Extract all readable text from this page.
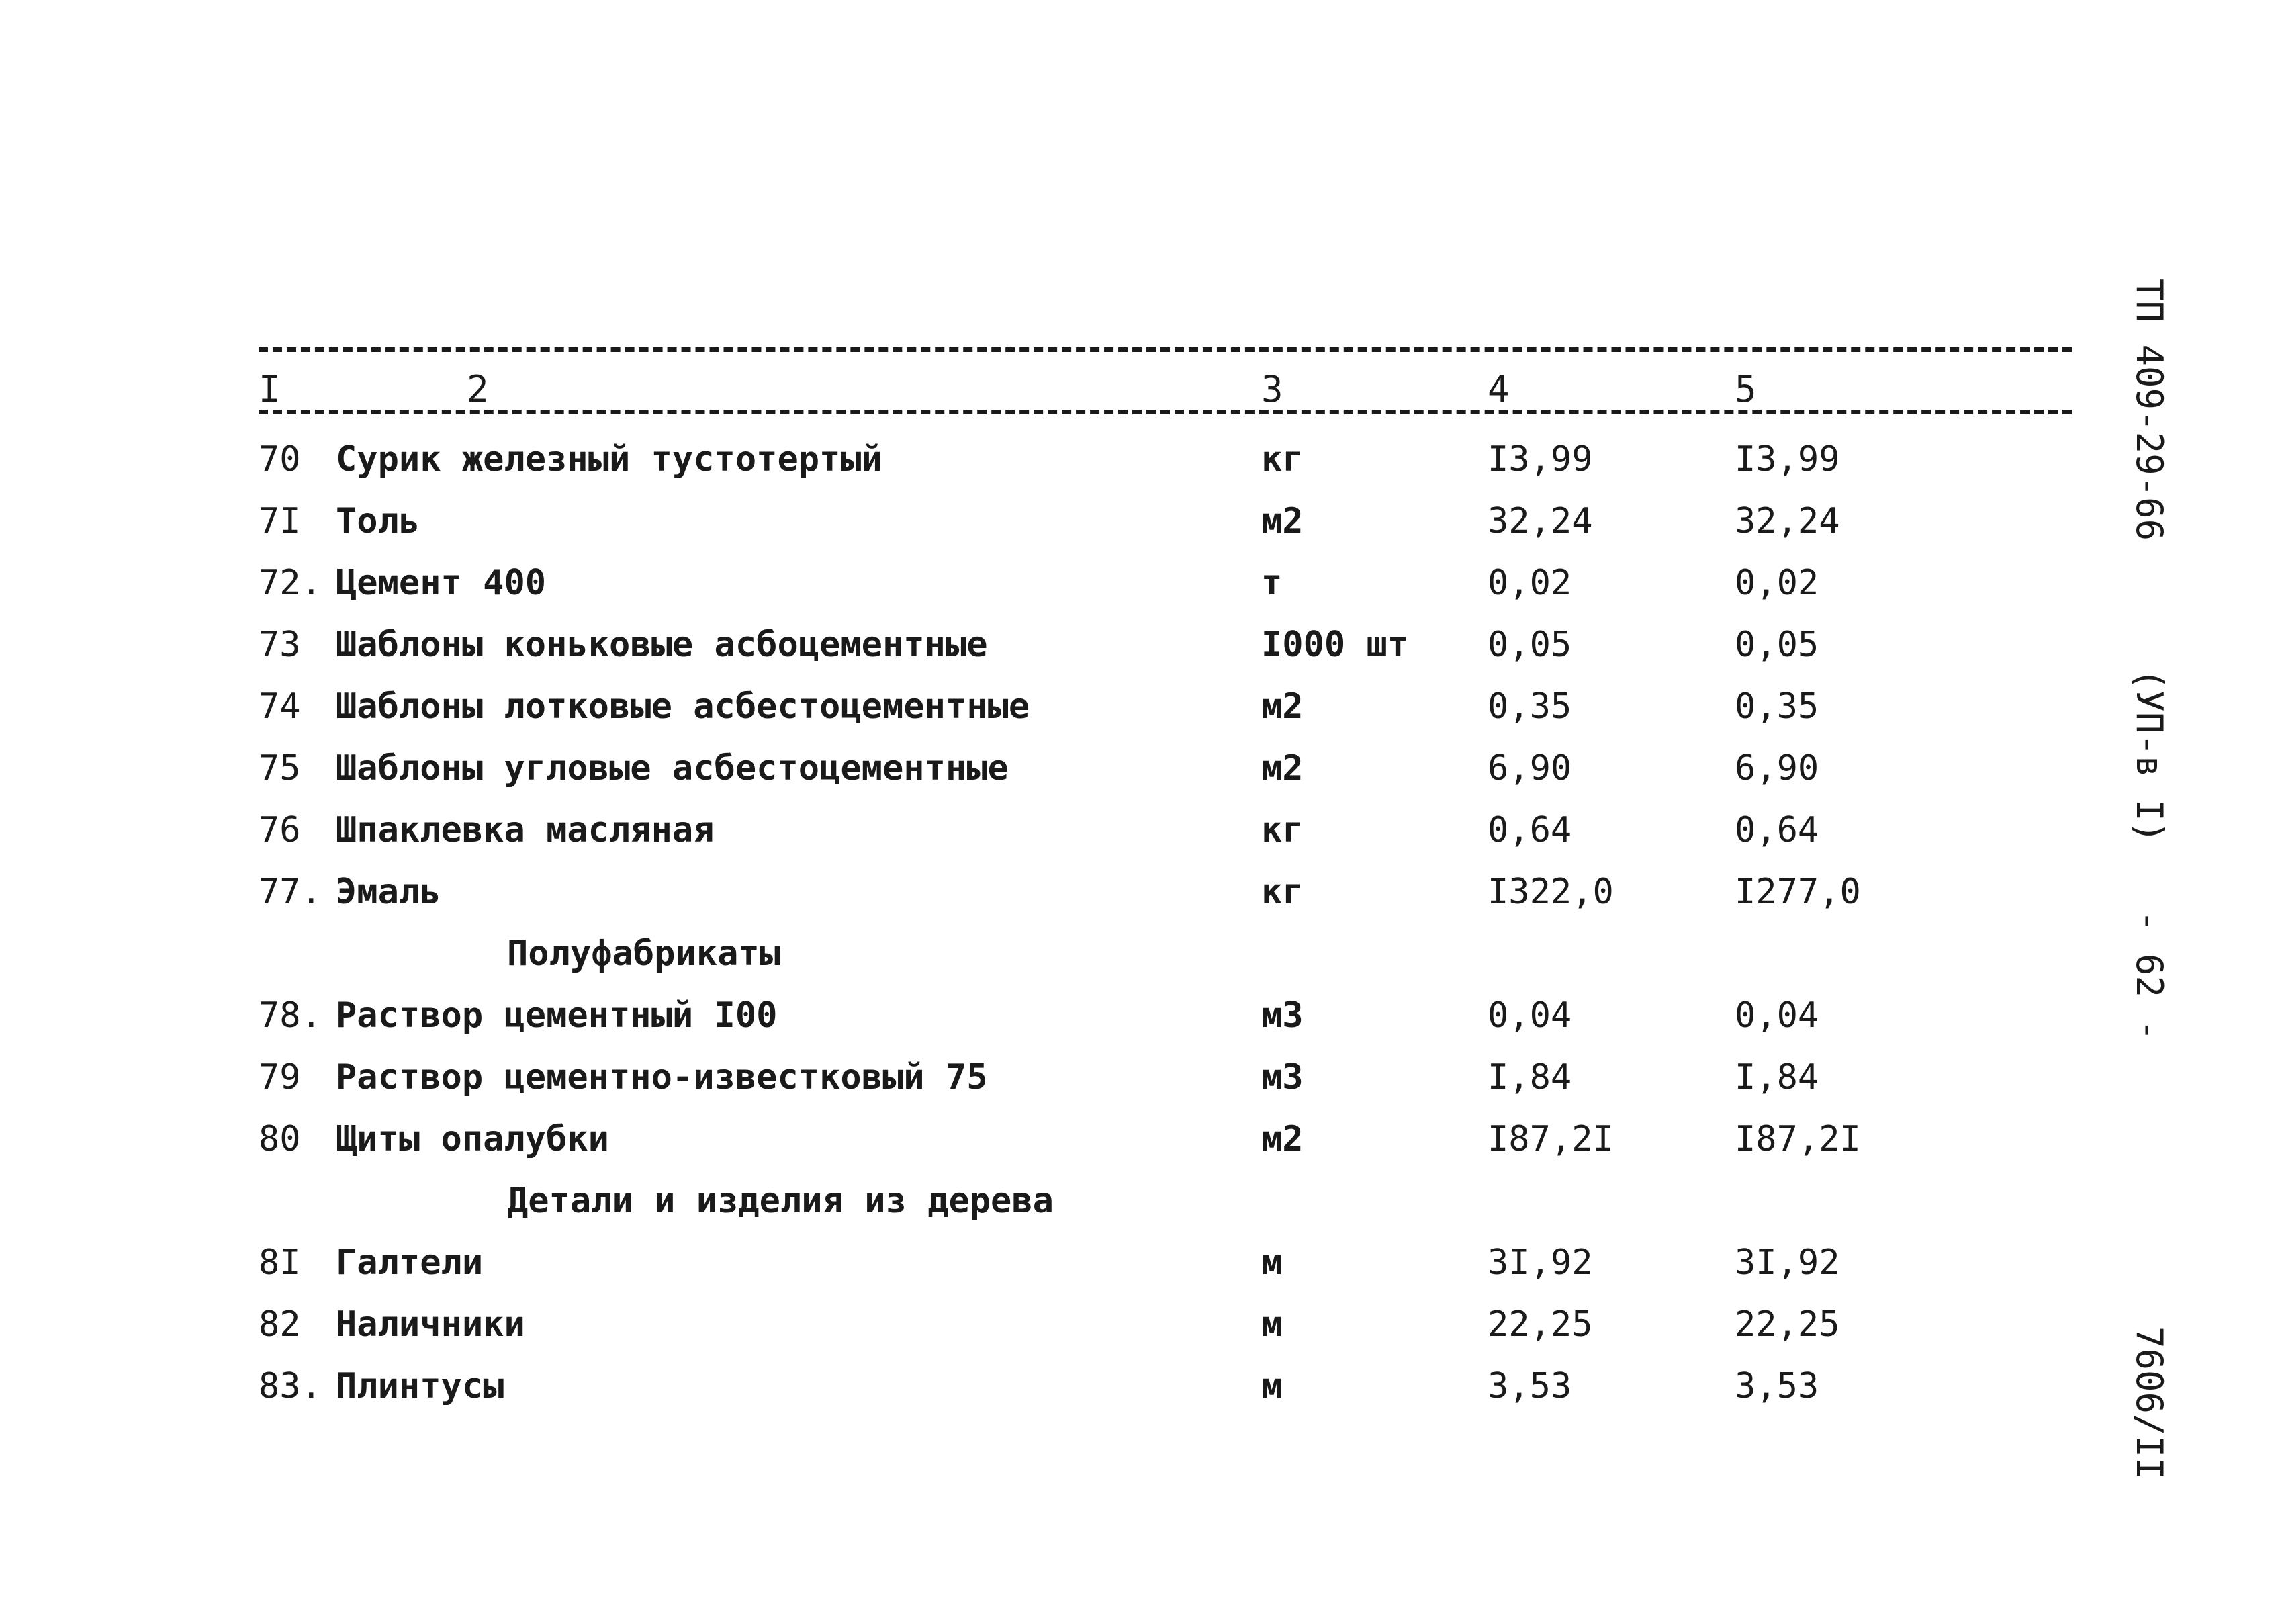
I	2	3	4	5
70 Сурик железный тустотертый	кг	I3,99	I3,99
7I Толь	м2	32,24	32,24
72. Цемент 400	т	0,02	0,02
73 Шаблоны коньковые асбоцементные	I000 шт 0,05	0,05
74 Шаблоны лотковые асбестоцементные	м2	0,35	0,35
75 Шаблоны угловые асбестоцементные	м2	6,90	6,90
76 Шпаклевка масляная	кг	0,64	0,64
77. Эмаль	кг	I322,0	I277,0
Полуфабрикаты
78. Раствор цементный I00	м3	0,04	0,04
79 Раствор цементно-известковый 75	м3	I,84	I,84
80 Щиты опалубки	м2	I87,2I	I87,2I
Детали и изделия из дерева
8I Галтели	м	3I,92	3I,92
82 Наличники	м	22,25	22,25
83. Плинтусы	м	3,53	3,53
ТП 409-29-66
(УП-в I)
- 62 -
7606/II
